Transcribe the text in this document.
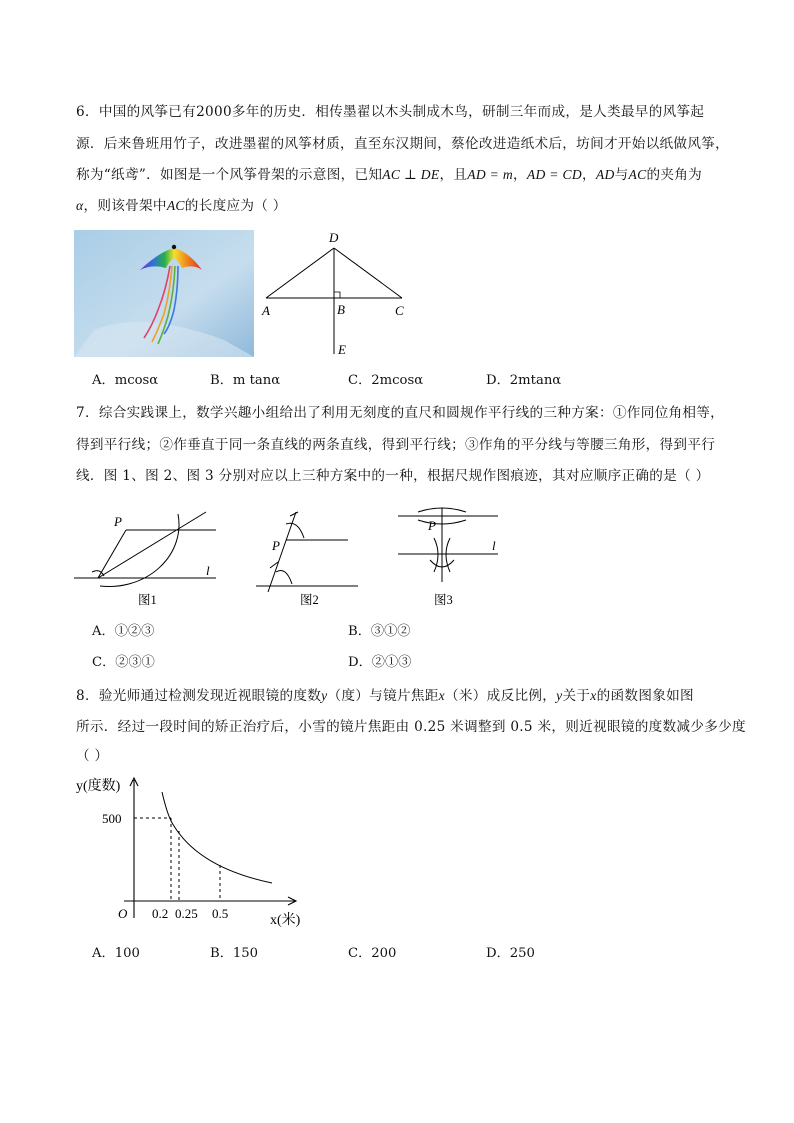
6．中国的风筝已有2000多年的历史．相传墨翟以木头制成木鸟，研制三年而成，是人类最早的风筝起
源．后来鲁班用竹子，改进墨翟的风筝材质，直至东汉期间，蔡伦改进造纸术后，坊间才开始以纸做风筝，
称为“纸鸢”．如图是一个风筝骨架的示意图，已知AC ⊥ DE，且AD = m，AD = CD，AD与AC的夹角为
α，则该骨架中AC的长度应为（ ）
D
A	B	C
E
A．mcosα	B．m tanα	C．2mcosα	D．2mtanα
7．综合实践课上，数学兴趣小组给出了利用无刻度的直尺和圆规作平行线的三种方案：①作同位角相等，
得到平行线；②作垂直于同一条直线的两条直线，得到平行线；③作角的平分线与等腰三角形，得到平行
线．图 1、图 2、图 3 分别对应以上三种方案中的一种，根据尺规作图痕迹，其对应顺序正确的是（ ）
P
l
图1
P
图2
P
l
图3
A．①②③	B．③①②
C．②③①	D．②①③
8．验光师通过检测发现近视眼镜的度数y（度）与镜片焦距x（米）成反比例，y关于x的函数图象如图
所示．经过一段时间的矫正治疗后，小雪的镜片焦距由 0.25 米调整到 0.5 米，则近视眼镜的度数减少多少度
（ ）
y(度数)
500
O 0.2 0.25 0.5	x(米)
A．100	B．150	C．200	D．250
